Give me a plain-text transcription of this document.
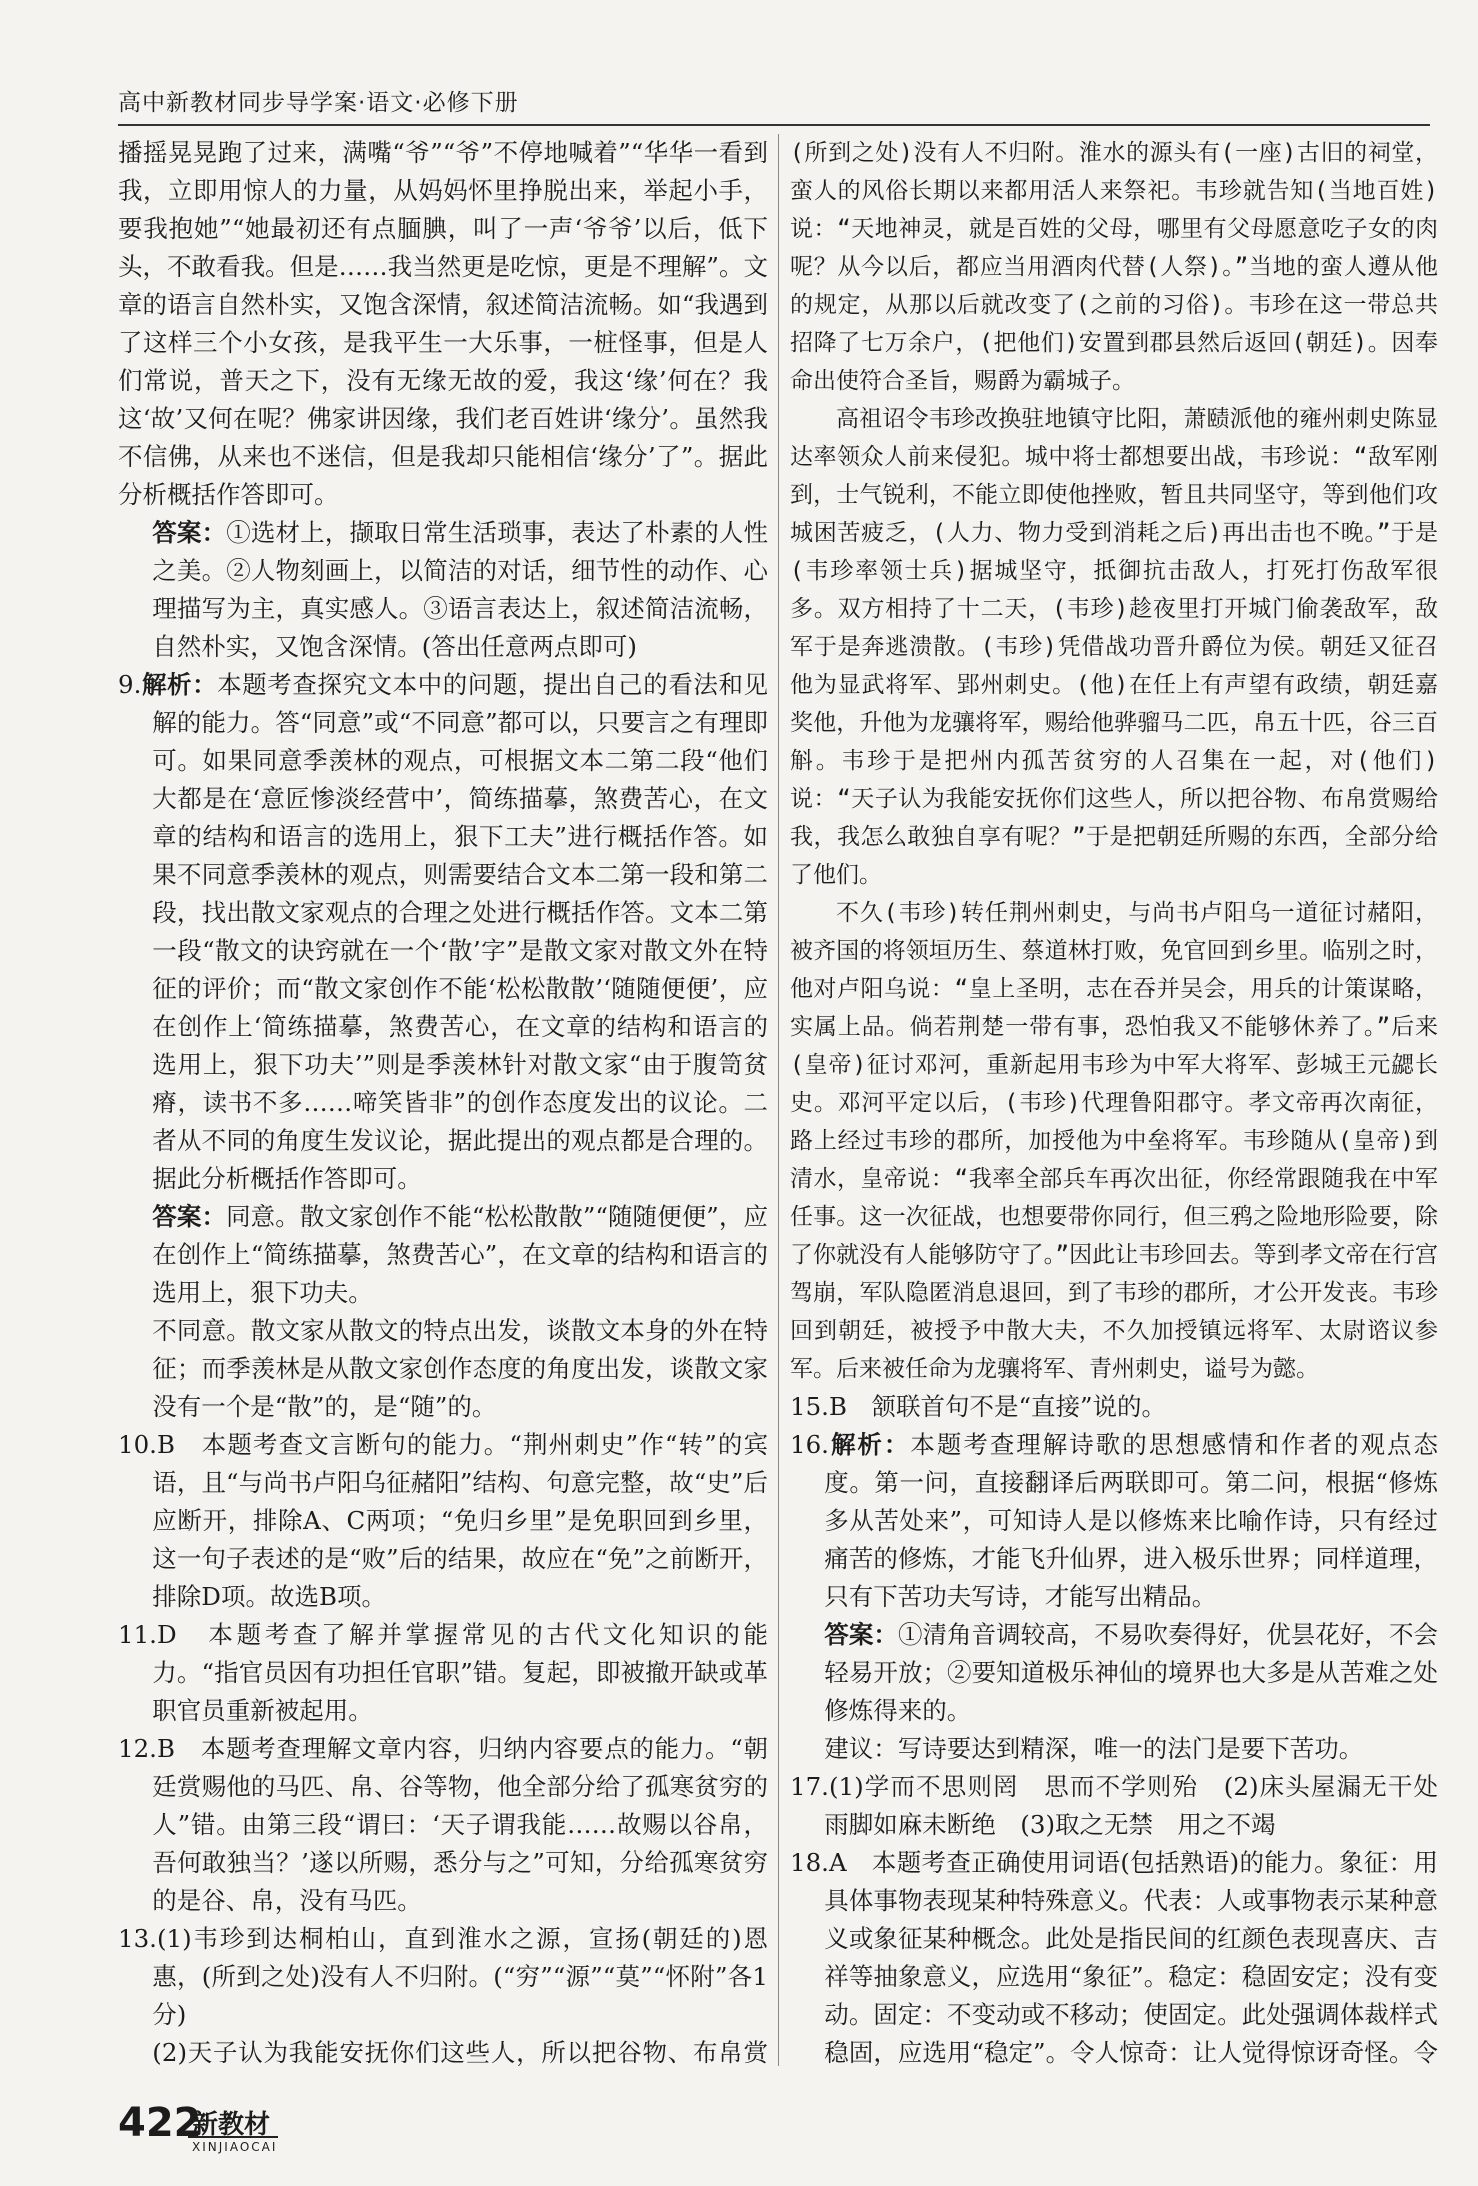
高中新教材同步导学案·语文·必修下册

播摇晃晃跑了过来，满嘴“爷”“爷”不停地喊着”“华华一看到我，立即用惊人的力量，从妈妈怀里挣脱出来，举起小手，要我抱她”“她最初还有点腼腆，叫了一声‘爷爷’以后，低下头，不敢看我。但是……我当然更是吃惊，更是不理解”。文章的语言自然朴实，又饱含深情，叙述简洁流畅。如“我遇到了这样三个小女孩，是我平生一大乐事，一桩怪事，但是人们常说，普天之下，没有无缘无故的爱，我这‘缘’何在？我这‘故’又何在呢？佛家讲因缘，我们老百姓讲‘缘分’。虽然我不信佛，从来也不迷信，但是我却只能相信‘缘分’了”。据此分析概括作答即可。

答案：①选材上，撷取日常生活琐事，表达了朴素的人性之美。②人物刻画上，以简洁的对话，细节性的动作、心理描写为主，真实感人。③语言表达上，叙述简洁流畅，自然朴实，又饱含深情。(答出任意两点即可)

9.解析：本题考查探究文本中的问题，提出自己的看法和见解的能力。答“同意”或“不同意”都可以，只要言之有理即可。如果同意季羡林的观点，可根据文本二第二段“他们大都是在‘意匠惨淡经营中’，简练描摹，煞费苦心，在文章的结构和语言的选用上，狠下工夫”进行概括作答。如果不同意季羡林的观点，则需要结合文本二第一段和第二段，找出散文家观点的合理之处进行概括作答。文本二第一段“散文的诀窍就在一个‘散’字”是散文家对散文外在特征的评价；而“散文家创作不能‘松松散散’‘随随便便’，应在创作上‘简练描摹，煞费苦心，在文章的结构和语言的选用上，狠下功夫’”则是季羡林针对散文家“由于腹笥贫瘠，读书不多……啼笑皆非”的创作态度发出的议论。二者从不同的角度生发议论，据此提出的观点都是合理的。据此分析概括作答即可。

答案：同意。散文家创作不能“松松散散”“随随便便”，应在创作上“简练描摹，煞费苦心”，在文章的结构和语言的选用上，狠下功夫。

不同意。散文家从散文的特点出发，谈散文本身的外在特征；而季羡林是从散文家创作态度的角度出发，谈散文家没有一个是“散”的，是“随”的。

10.B　本题考查文言断句的能力。“荆州刺史”作“转”的宾语，且“与尚书卢阳乌征赭阳”结构、句意完整，故“史”后应断开，排除A、C两项；“免归乡里”是免职回到乡里，这一句子表述的是“败”后的结果，故应在“免”之前断开，排除D项。故选B项。

11.D　本题考查了解并掌握常见的古代文化知识的能力。“指官员因有功担任官职”错。复起，即被撤开缺或革职官员重新被起用。

12.B　本题考查理解文章内容，归纳内容要点的能力。“朝廷赏赐他的马匹、帛、谷等物，他全部分给了孤寒贫穷的人”错。由第三段“谓曰：‘天子谓我能……故赐以谷帛，吾何敢独当？’遂以所赐，悉分与之”可知，分给孤寒贫穷的是谷、帛，没有马匹。

13.(1)韦珍到达桐柏山，直到淮水之源，宣扬(朝廷的)恩惠，(所到之处)没有人不归附。(“穷”“源”“莫”“怀附”各1分)

(2)天子认为我能安抚你们这些人，所以把谷物、布帛赏

(所到之处)没有人不归附。淮水的源头有(一座)古旧的祠堂，蛮人的风俗长期以来都用活人来祭祀。韦珍就告知(当地百姓)说：“天地神灵，就是百姓的父母，哪里有父母愿意吃子女的肉呢？从今以后，都应当用酒肉代替(人祭)。”当地的蛮人遵从他的规定，从那以后就改变了(之前的习俗)。韦珍在这一带总共招降了七万余户，(把他们)安置到郡县然后返回(朝廷)。因奉命出使符合圣旨，赐爵为霸城子。

高祖诏令韦珍改换驻地镇守比阳，萧赜派他的雍州刺史陈显达率领众人前来侵犯。城中将士都想要出战，韦珍说：“敌军刚到，士气锐利，不能立即使他挫败，暂且共同坚守，等到他们攻城困苦疲乏，(人力、物力受到消耗之后)再出击也不晚。”于是(韦珍率领士兵)据城坚守，抵御抗击敌人，打死打伤敌军很多。双方相持了十二天，(韦珍)趁夜里打开城门偷袭敌军，敌军于是奔逃溃散。(韦珍)凭借战功晋升爵位为侯。朝廷又征召他为显武将军、郢州刺史。(他)在任上有声望有政绩，朝廷嘉奖他，升他为龙骧将军，赐给他骅骝马二匹，帛五十匹，谷三百斛。韦珍于是把州内孤苦贫穷的人召集在一起，对(他们)说：“天子认为我能安抚你们这些人，所以把谷物、布帛赏赐给我，我怎么敢独自享有呢？”于是把朝廷所赐的东西，全部分给了他们。

不久(韦珍)转任荆州刺史，与尚书卢阳乌一道征讨赭阳，被齐国的将领垣历生、蔡道林打败，免官回到乡里。临别之时，他对卢阳乌说：“皇上圣明，志在吞并吴会，用兵的计策谋略，实属上品。倘若荆楚一带有事，恐怕我又不能够休养了。”后来(皇帝)征讨邓河，重新起用韦珍为中军大将军、彭城王元勰长史。邓河平定以后，(韦珍)代理鲁阳郡守。孝文帝再次南征，路上经过韦珍的郡所，加授他为中垒将军。韦珍随从(皇帝)到清水，皇帝说：“我率全部兵车再次出征，你经常跟随我在中军任事。这一次征战，也想要带你同行，但三鸦之险地形险要，除了你就没有人能够防守了。”因此让韦珍回去。等到孝文帝在行宫驾崩，军队隐匿消息退回，到了韦珍的郡所，才公开发丧。韦珍回到朝廷，被授予中散大夫，不久加授镇远将军、太尉谘议参军。后来被任命为龙骧将军、青州刺史，谥号为懿。

15.B　颔联首句不是“直接”说的。

16.解析：本题考查理解诗歌的思想感情和作者的观点态度。第一问，直接翻译后两联即可。第二问，根据“修炼多从苦处来”，可知诗人是以修炼来比喻作诗，只有经过痛苦的修炼，才能飞升仙界，进入极乐世界；同样道理，只有下苦功夫写诗，才能写出精品。

答案：①清角音调较高，不易吹奏得好，优昙花好，不会轻易开放；②要知道极乐神仙的境界也大多是从苦难之处修炼得来的。

建议：写诗要达到精深，唯一的法门是要下苦功。

17.(1)学而不思则罔　思而不学则殆　(2)床头屋漏无干处　雨脚如麻未断绝　(3)取之无禁　用之不竭

18.A　本题考查正确使用词语(包括熟语)的能力。象征：用具体事物表现某种特殊意义。代表：人或事物表示某种意义或象征某种概念。此处是指民间的红颜色表现喜庆、吉祥等抽象意义，应选用“象征”。稳定：稳固安定；没有变动。固定：不变动或不移动；使固定。此处强调体裁样式稳固，应选用“稳定”。令人惊奇：让人觉得惊讶奇怪。令

422
新教材
XINJIAOCAI
